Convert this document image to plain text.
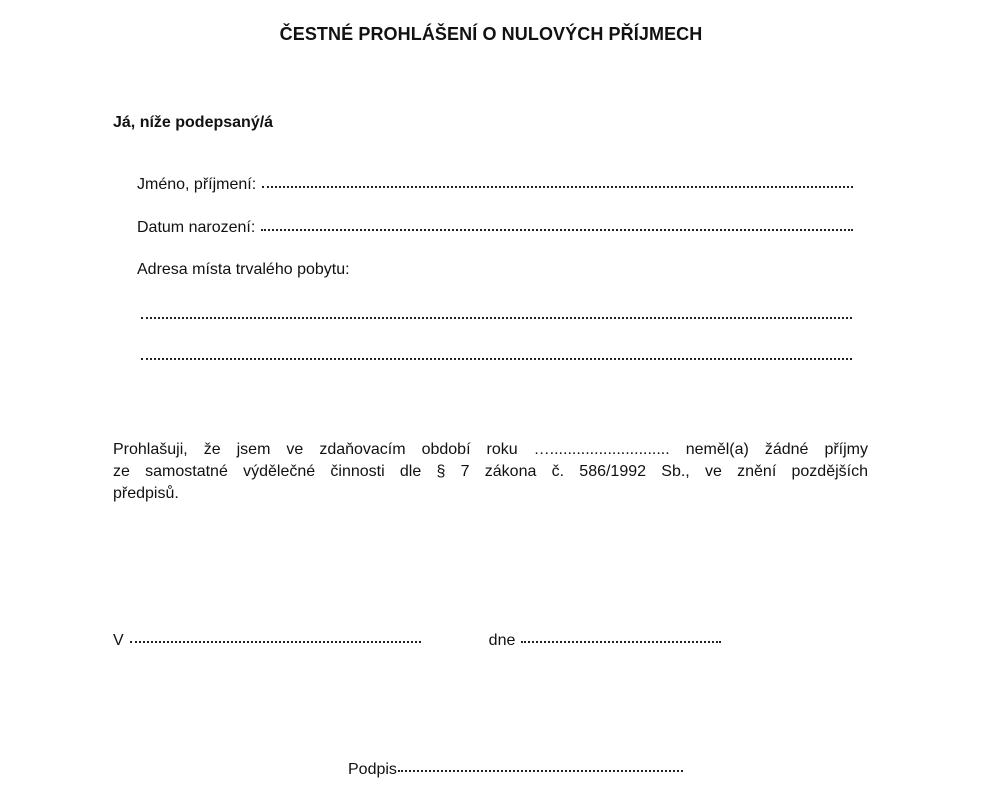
ČESTNÉ PROHLÁŠENÍ O NULOVÝCH PŘÍJMECH
Já, níže podepsaný/á
Jméno, příjmení:
Datum narození:
Adresa místa trvalého pobytu:
Prohlašuji, že jsem ve zdaňovacím období roku …........................... neměl(a) žádné příjmy
ze samostatné výdělečné činnosti dle § 7 zákona č. 586/1992 Sb., ve znění pozdějších
předpisů.
V	dne
Podpis
